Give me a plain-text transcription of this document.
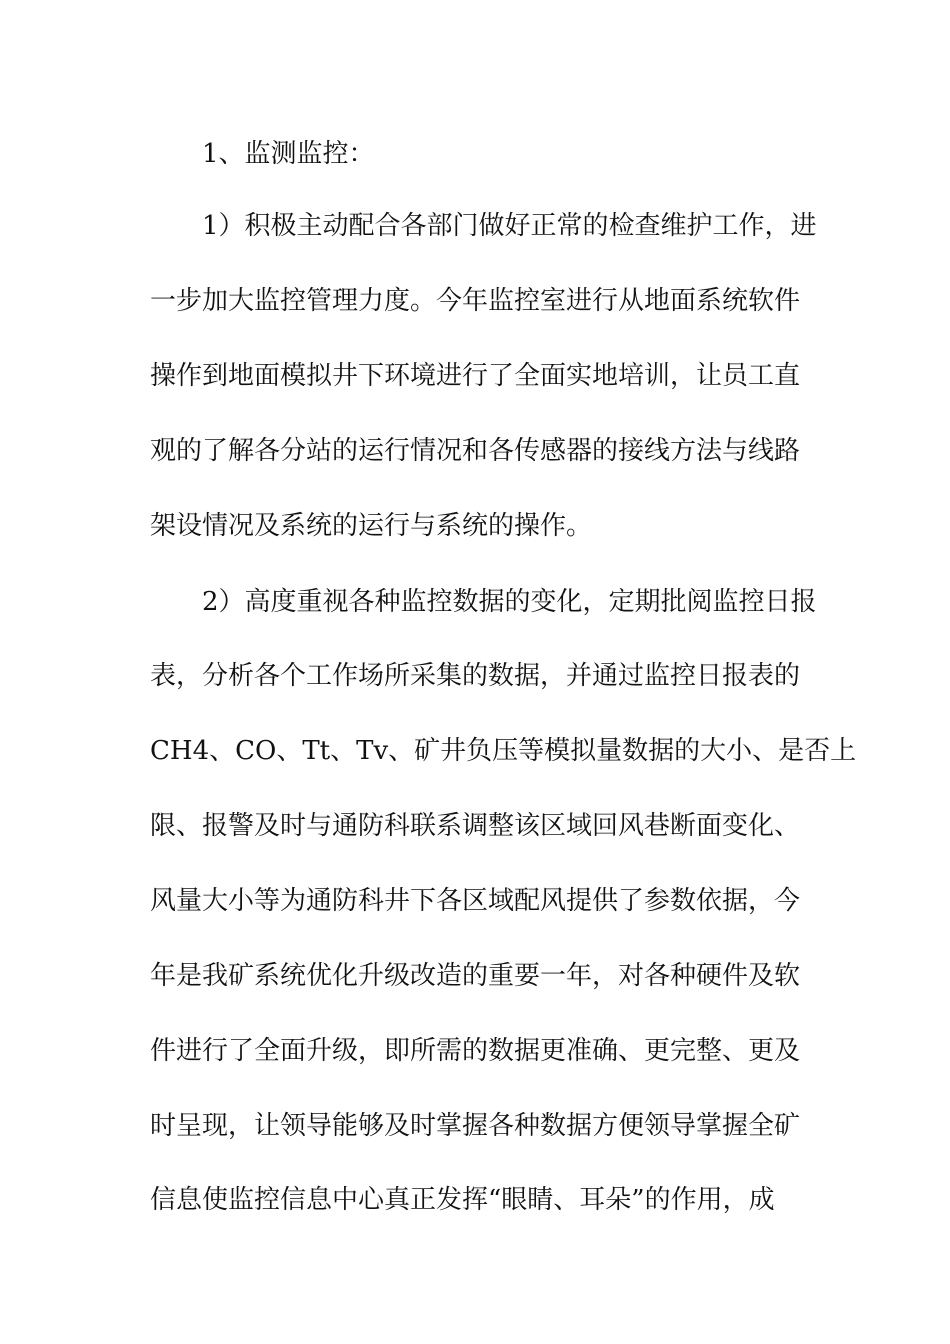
1、监测监控：
1）积极主动配合各部门做好正常的检查维护工作，进
一步加大监控管理力度。今年监控室进行从地面系统软件
操作到地面模拟井下环境进行了全面实地培训，让员工直
观的了解各分站的运行情况和各传感器的接线方法与线路
架设情况及系统的运行与系统的操作。
2）高度重视各种监控数据的变化，定期批阅监控日报
表，分析各个工作场所采集的数据，并通过监控日报表的
CH4、CO、Tt、Tv、矿井负压等模拟量数据的大小、是否上
限、报警及时与通防科联系调整该区域回风巷断面变化、
风量大小等为通防科井下各区域配风提供了参数依据，今
年是我矿系统优化升级改造的重要一年，对各种硬件及软
件进行了全面升级，即所需的数据更准确、更完整、更及
时呈现，让领导能够及时掌握各种数据方便领导掌握全矿
信息使监控信息中心真正发挥“眼睛、耳朵”的作用，成
